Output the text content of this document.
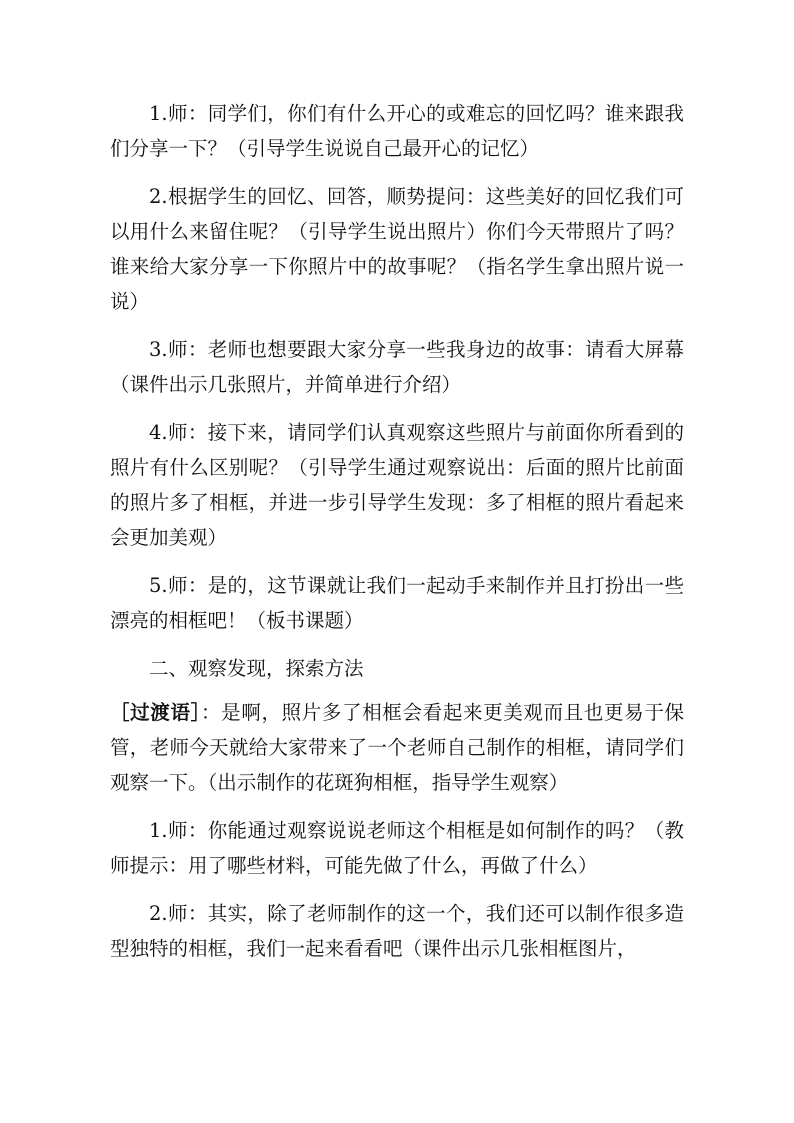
1.师：同学们，你们有什么开心的或难忘的回忆吗？谁来跟我们分享一下？（引导学生说说自己最开心的记忆）

2.根据学生的回忆、回答，顺势提问：这些美好的回忆我们可以用什么来留住呢？（引导学生说出照片）你们今天带照片了吗？谁来给大家分享一下你照片中的故事呢？（指名学生拿出照片说一说）

3.师：老师也想要跟大家分享一些我身边的故事：请看大屏幕（课件出示几张照片，并简单进行介绍）

4.师：接下来，请同学们认真观察这些照片与前面你所看到的照片有什么区别呢？（引导学生通过观察说出：后面的照片比前面的照片多了相框，并进一步引导学生发现：多了相框的照片看起来会更加美观）

5.师：是的，这节课就让我们一起动手来制作并且打扮出一些漂亮的相框吧！（板书课题）

二、观察发现，探索方法

［过渡语］：是啊，照片多了相框会看起来更美观而且也更易于保管，老师今天就给大家带来了一个老师自己制作的相框，请同学们观察一下。（出示制作的花斑狗相框，指导学生观察）

1.师：你能通过观察说说老师这个相框是如何制作的吗？（教师提示：用了哪些材料，可能先做了什么，再做了什么）

2.师：其实，除了老师制作的这一个，我们还可以制作很多造型独特的相框，我们一起来看看吧（课件出示几张相框图片，
